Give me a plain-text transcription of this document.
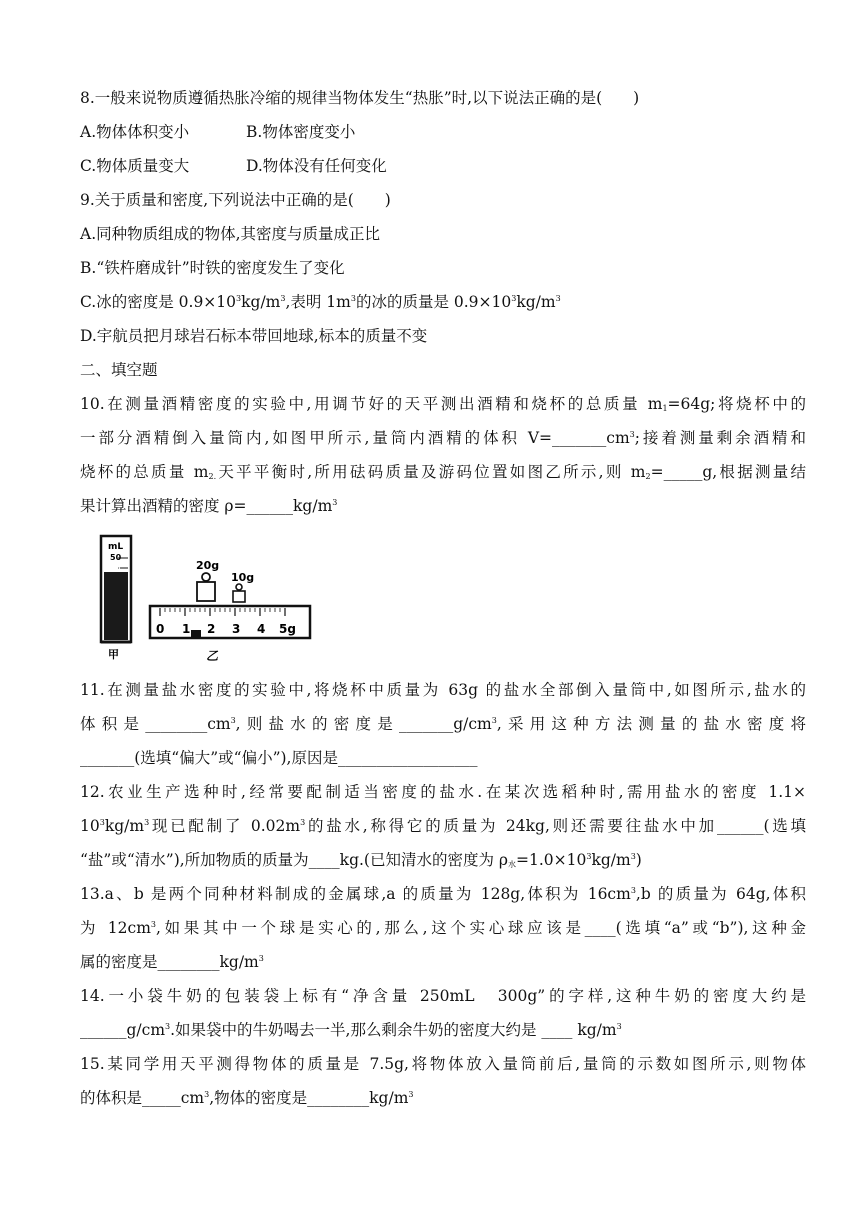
8.一般来说物质遵循热胀冷缩的规律当物体发生“热胀”时,以下说法正确的是(　　)
A.物体体积变小	B.物体密度变小
C.物体质量变大	D.物体没有任何变化
9.关于质量和密度,下列说法中正确的是(　　)
A.同种物质组成的物体,其密度与质量成正比
B.“铁杵磨成针”时铁的密度发生了变化
C.冰的密度是 $0.9\times 10^3kg/m^3$,表明 $1m^3$的冰的质量是 $0.9\times 10^3kg/m^3$
D.宇航员把月球岩石标本带回地球,标本的质量不变
二、填空题
10.在测量酒精密度的实验中,用调节好的天平测出酒精和烧杯的总质量 $m_1=64g$;将烧杯中的
一部分酒精倒入量筒内,如图甲所示,量筒内酒精的体积 $V=\_\_\_\_\_\_\_cm^3$;接着测量剩余酒精和
烧杯的总质量 $m_{2.}$天平平衡时,所用砝码质量及游码位置如图乙所示,则 $m_2=\_\_\_\_\_g$,根据测量结
果计算出酒精的密度 $\rho=\_\_\_\_\_\_kg/m^3$
mL
50
40
甲
20g
10g
0 1 2 3 4 5g
乙
11.在测量盐水密度的实验中,将烧杯中质量为 63g 的盐水全部倒入量筒中,如图所示,盐水的
体积是$\_\_\_\_\_\_\_\_cm^3$,则盐水的密度是$\_\_\_\_\_\_\_g/cm^3$,采用这种方法测量的盐水密度将
_______(选填“偏大”或“偏小”),原因是__________________
12.农业生产选种时,经常要配制适当密度的盐水.在某次选稻种时,需用盐水的密度 1.1×
$10^3kg/m^3$现已配制了 $0.02m^3$的盐水,称得它的质量为 24kg,则还需要往盐水中加______(选填
“盐”或“清水”),所加物质的质量为____kg.(已知清水的密度为 $\rho_水=1.0\times 10^3kg/m^3$)
13.a、b 是两个同种材料制成的金属球,a 的质量为 128g,体积为 $16cm^3,b$ 的质量为 64g,体积
为 $12cm^3$,如果其中一个球是实心的,那么,这个实心球应该是____(选填“a”或“b”),这种金
属的密度是$\_\_\_\_\_\_\_\_kg/m^3$
14.一小袋牛奶的包装袋上标有“净含量 250mL　300g”的字样,这种牛奶的密度大约是
$\_\_\_\_\_\_g/cm^3$.如果袋中的牛奶喝去一半,那么剩余牛奶的密度大约是 ____ $kg/m^3$
15.某同学用天平测得物体的质量是 7.5g,将物体放入量筒前后,量筒的示数如图所示,则物体
的体积是$\_\_\_\_\_cm^3$,物体的密度是$\_\_\_\_\_\_\_\_kg/m^3$
